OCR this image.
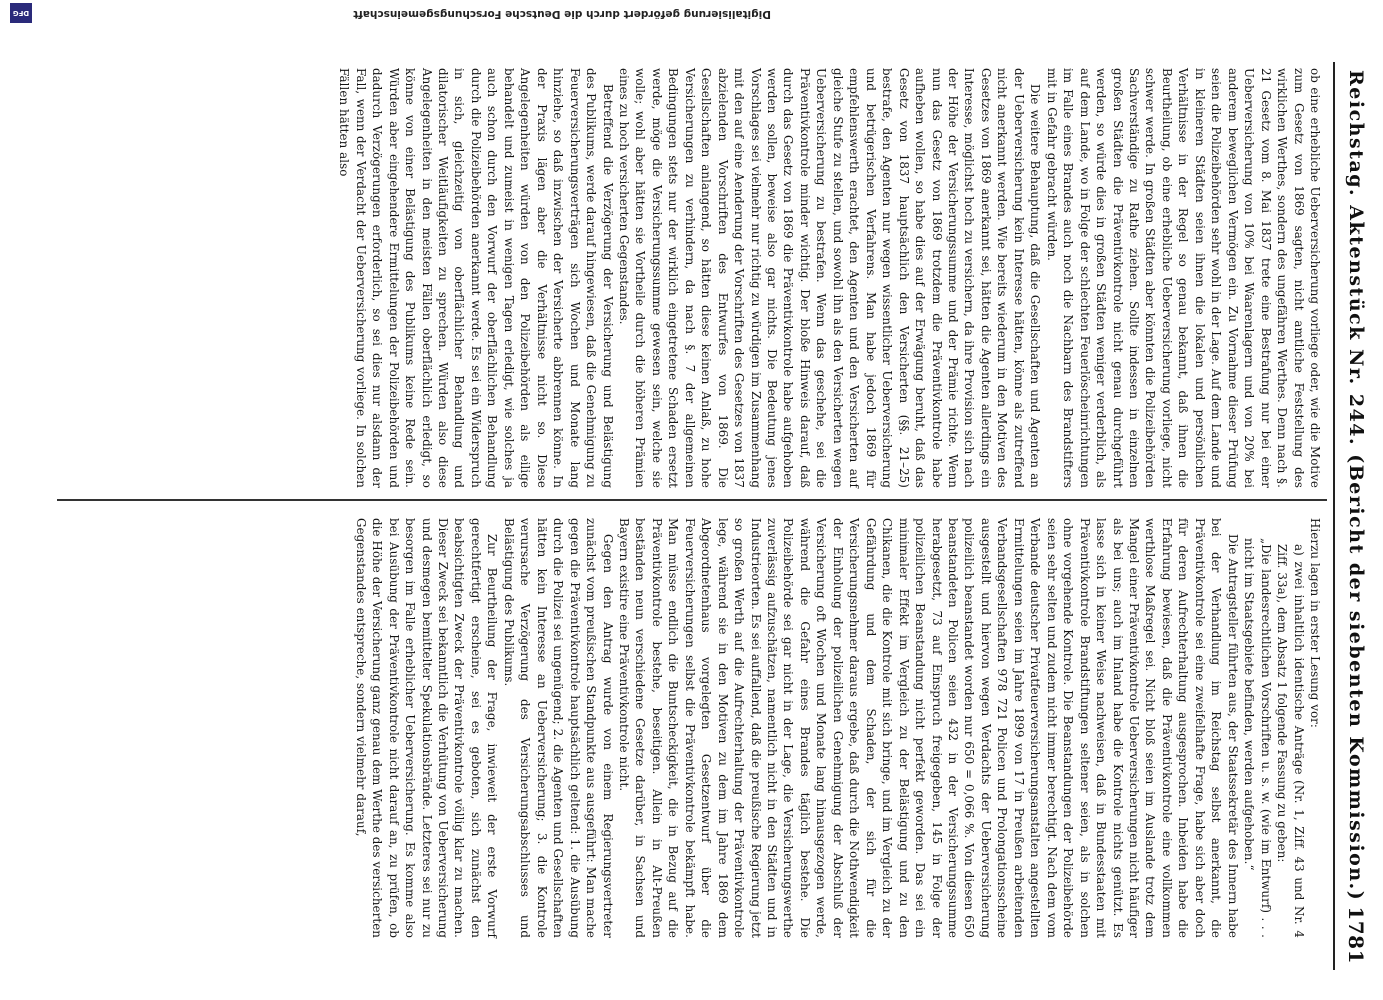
Reichstag. Aktenstück Nr. 244. (Bericht der siebenten Kommission.)
1781

ob eine erhebliche Ueberversicherung vorliege oder, wie die Motive zum Gesetz von 1869 sagten, nicht amtliche Feststellung des wirklichen Werthes, sondern des ungefähren Werthes. Denn nach §. 21 Gesetz vom 8. Mai 1837 trete eine Bestrafung nur bei einer Ueberversicherung von 10% bei Waarenlagern und von 20% bei anderem beweglichen Vermögen ein. Zu Vornahme dieser Prüfung seien die Polizeibehörden sehr wohl in der Lage. Auf dem Lande und in kleineren Städten seien ihnen die lokalen und persönlichen Verhältnisse in der Regel so genau bekannt, daß ihnen die Beurtheilung, ob eine erhebliche Ueberversicherung vorliege, nicht schwer werde. In großen Städten aber könnten die Polizeibehörden Sachverständige zu Rathe ziehen. Sollte indessen in einzelnen großen Städten die Präventivkontrole nicht genau durchgeführt werden, so würde dies in großen Städten weniger verderblich, als auf dem Lande, wo in Folge der schlechten Feuerlöscheinrichtungen im Falle eines Brandes auch noch die Nachbarn des Brandstifters mit in Gefahr gebracht würden.

Die weitere Behauptung, daß die Gesellschaften und Agenten an der Ueberversicherung kein Interesse hätten, könne als zutreffend nicht anerkannt werden. Wie bereits wiederum in den Motiven des Gesetzes von 1869 anerkannt sei, hätten die Agenten allerdings ein Interesse, möglichst hoch zu versichern, da ihre Provision sich nach der Höhe der Versicherungssumme und der Prämie richte. Wenn nun das Gesetz von 1869 trotzdem die Präventivkontrole habe aufheben wollen, so habe dies auf der Erwägung beruht, daß das Gesetz von 1837 hauptsächlich den Versicherten (§§. 21–25) bestrafe, den Agenten nur wegen wissentlicher Ueberversicherung und betrügerischen Verfahrens. Man habe jedoch 1869 für empfehlenswerth erachtet, den Agenten und den Versicherten auf gleiche Stufe zu stellen, und sowohl ihn als den Versicherten wegen Ueberversicherung zu bestrafen. Wenn das geschehe, sei die Präventivkontrole minder wichtig. Der bloße Hinweis darauf, daß durch das Gesetz von 1869 die Präventivkontrole habe aufgehoben werden sollen, beweise also gar nichts. Die Bedeutung jenes Vorschlages sei vielmehr nur richtig zu würdigen im Zusammenhang mit den auf eine Aenderung der Vorschriften des Gesetzes von 1837 abzielenden Vorschriften des Entwurfes von 1869. Die Gesellschaften anlangend, so hätten diese keinen Anlaß, zu hohe Versicherungen zu verhindern, da nach §. 7 der allgemeinen Bedingungen stets nur der wirklich eingetretene Schaden ersetzt werde, möge die Versicherungssumme gewesen sein, welche sie wolle; wohl aber hätten sie Vortheile durch die höheren Prämien eines zu hoch versicherten Gegenstandes.

Betreffend die Verzögerung der Versicherung und Belästigung des Publikums, werde darauf hingewiesen, daß die Genehmigung zu Feuerversicherungsverträgen sich Wochen und Monate lang hinziehe, so daß inzwischen der Versicherte abbrennen könne. In der Praxis lägen aber die Verhältnisse nicht so. Diese Angelegenheiten würden von den Polizeibehörden als eilige behandelt und zumeist in wenigen Tagen erledigt, wie solches ja auch schon durch den Vorwurf der oberflächlichen Behandlung durch die Polizeibehörden anerkannt werde. Es sei ein Widerspruch in sich, gleichzeitig von oberflächlicher Behandlung und dilatorischer Weitläufigkeiten zu sprechen. Würden also diese Angelegenheiten in den meisten Fällen oberflächlich erledigt, so könne von einer Belästigung des Publikums keine Rede sein. Würden aber eingehendere Ermittelungen der Polizeibehörden und dadurch Verzögerungen erforderlich, so sei dies nur alsdann der Fall, wenn der Verdacht der Ueberversicherung vorliege. In solchen Fällen hätten also

Hierzu lagen in erster Lesung vor:

a) zwei inhaltlich identische Anträge (Nr. 1, Ziff. 43 und Nr. 4 Ziff. 33a), dem Absatz 1 folgende Fassung zu geben:

„Die landesrechtlichen Vorschriften u. s. w. (wie im Entwurf) . . . nicht im Staatsgebiete befinden, werden aufgehoben.“

Die Antragsteller führten aus, der Staatssekretär des Innern habe bei der Verhandlung im Reichstag selbst anerkannt, die Präventivkontrole sei eine zweifelhafte Frage, habe sich aber doch für deren Aufrechterhaltung ausgesprochen. Inbeiden habe die Erfahrung bewiesen, daß die Präventivkontrole eine vollkommen werthlose Maßregel sei. Nicht bloß seien im Auslande trotz dem Mangel einer Präventivkontrole Ueberversicherungen nicht häufiger als bei uns; auch im Inland habe die Kontrole nichts genützt. Es lasse sich in keiner Weise nachweisen, daß in Bundesstaaten mit Präventivkontrole Brandstiftungen seltener seien, als in solchen ohne vorgehende Kontrole. Die Beanstandungen der Polizeibehörde seien sehr selten und zudem nicht immer berechtigt. Nach dem vom Verbande deutscher Privatfeuerversicherungsanstalten angestellten Ermittelungen seien im Jahre 1899 von 17 in Preußen arbeitenden Verbandsgesellschaften 978 721 Policen und Prolongationsscheine ausgestellt und hiervon wegen Verdachts der Ueberversicherung polizeilich beanstandet worden nur 650 = 0,066 %. Von diesen 650 beanstandeten Policen seien 432 in der Versicherungssumme herabgesetzt, 73 auf Einspruch freigegeben, 145 in Folge der polizeilichen Beanstandung nicht perfekt geworden. Das sei ein minimaler Effekt im Vergleich zu der Belästigung und zu den Chikanen, die die Kontrole mit sich bringe, und im Vergleich zu der Gefährdung und dem Schaden, der sich für die Versicherungsnehmer daraus ergebe, daß durch die Nothwendigkeit der Einholung der polizeilichen Genehmigung der Abschluß der Versicherung oft Wochen und Monate lang hinausgezogen werde, während die Gefahr eines Brandes täglich bestehe. Die Polizeibehörde sei gar nicht in der Lage, die Versicherungswerthe zuverlässig aufzuschätzen, namentlich nicht in den Städten und in Industrieorten. Es sei auffallend, daß die preußische Regierung jetzt so großen Werth auf die Aufrechterhaltung der Präventivkontrole lege, während sie in den Motiven zu dem im Jahre 1869 dem Abgeordnetenhaus vorgelegten Gesetzentwurf über die Feuerversicherungen selbst die Präventivkontrole bekämpft habe. Man müsse endlich die Buntscheckigkeit, die in Bezug auf die Präventivkontrole bestehe, beseitigen. Allein in Alt-Preußen beständen neun verschiedene Gesetze darüber, in Sachsen und Bayern existire eine Präventivkontrole nicht.

Gegen den Antrag wurde von einem Regierungsvertreter zunächst vom preußischen Standpunkte aus ausgeführt: Man mache gegen die Präventivkontrole hauptsächlich geltend: 1. die Ausübung durch die Polizei sei ungenügend; 2. die Agenten und Gesellschaften hätten kein Interesse an Ueberversicherung; 3. die Kontrole verursache Verzögerung des Versicherungsabschlusses und Belästigung des Publikums.

Zur Beurtheilung der Frage, inwieweit der erste Vorwurf gerechtfertigt erscheine, sei es geboten, sich zunächst den beabsichtigten Zweck der Präventivkontrole völlig klar zu machen. Dieser Zweck sei bekanntlich die Verhütung von Ueberversicherung und desmegen bemittelter Spekulationsbrände. Letzteres sei nur zu besorgen im Falle erheblicher Ueberversicherung. Es komme also bei Ausübung der Präventivkontrole nicht darauf an, zu prüfen, ob die Höhe der Versicherung ganz genau dem Werthe des versicherten Gegenstandes entspreche, sondern vielmehr darauf,

Digitalisierung gefördert durch die Deutsche Forschungsgemeinschaft
DFG
